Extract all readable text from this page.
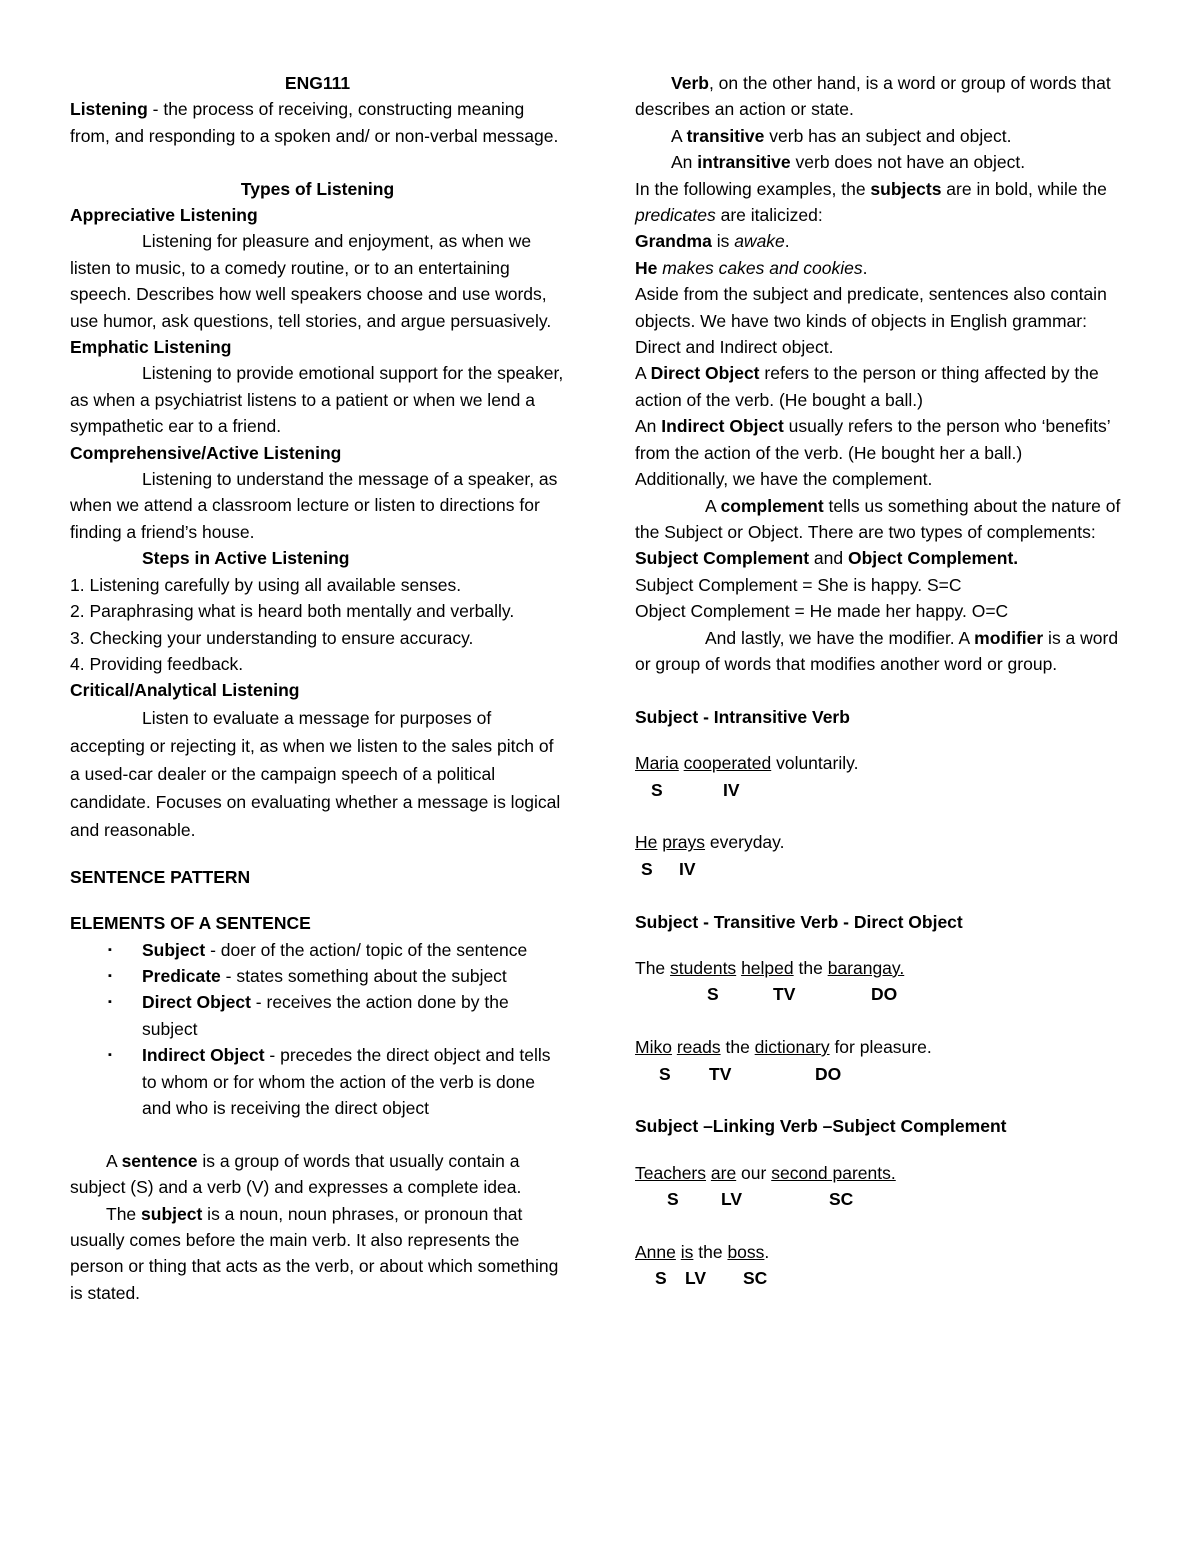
ENG111

Listening - the process of receiving, constructing meaning from, and responding to a spoken and/ or non-verbal message.

Types of Listening

Appreciative Listening

Listening for pleasure and enjoyment, as when we listen to music, to a comedy routine, or to an entertaining speech. Describes how well speakers choose and use words, use humor, ask questions, tell stories, and argue persuasively.

Emphatic Listening

Listening to provide emotional support for the speaker, as when a psychiatrist listens to a patient or when we lend a sympathetic ear to a friend.

Comprehensive/Active Listening

Listening to understand the message of a speaker, as when we attend a classroom lecture or listen to directions for finding a friend’s house.

Steps in Active Listening

1. Listening carefully by using all available senses.

2. Paraphrasing what is heard both mentally and verbally.

3. Checking your understanding to ensure accuracy.

4. Providing feedback.

Critical/Analytical Listening

Listen to evaluate a message for purposes of accepting or rejecting it, as when we listen to the sales pitch of a used-car dealer or the campaign speech of a political candidate. Focuses on evaluating whether a message is logical and reasonable.

SENTENCE PATTERN

ELEMENTS OF A SENTENCE

▪ Subject - doer of the action/ topic of the sentence
▪ Predicate - states something about the subject
▪ Direct Object - receives the action done by the subject
▪ Indirect Object - precedes the direct object and tells to whom or for whom the action of the verb is done and who is receiving the direct object

A sentence is a group of words that usually contain a subject (S) and a verb (V) and expresses a complete idea.

The subject is a noun, noun phrases, or pronoun that usually comes before the main verb. It also represents the person or thing that acts as the verb, or about which something is stated.

Verb, on the other hand, is a word or group of words that describes an action or state.

A transitive verb has an subject and object.

An intransitive verb does not have an object.

In the following examples, the subjects are in bold, while the predicates are italicized:

Grandma is awake.

He makes cakes and cookies.

Aside from the subject and predicate, sentences also contain objects. We have two kinds of objects in English grammar: Direct and Indirect object.

A Direct Object refers to the person or thing affected by the action of the verb. (He bought a ball.)

An Indirect Object usually refers to the person who ‘benefits’ from the action of the verb. (He bought her a ball.)

Additionally, we have the complement.

A complement tells us something about the nature of the Subject or Object. There are two types of complements: Subject Complement and Object Complement.

Subject Complement = She is happy. S=C

Object Complement = He made her happy. O=C

And lastly, we have the modifier. A modifier is a word or group of words that modifies another word or group.

Subject - Intransitive Verb

Maria cooperated voluntarily.

S	IV

He prays everyday.

S IV

Subject - Transitive Verb - Direct Object

The students helped the barangay.

S	TV	DO

Miko reads the dictionary for pleasure.

S TV	DO

Subject –Linking Verb –Subject Complement

Teachers are our second parents.

S LV	SC

Anne is the boss.

S LV SC
